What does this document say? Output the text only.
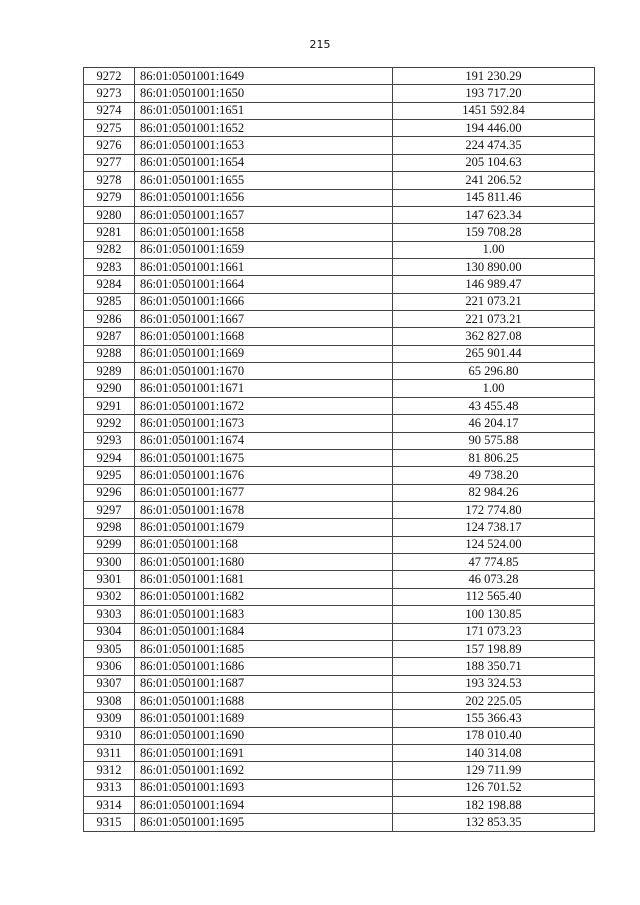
215
9272	86:01:0501001:1649	191 230.29
9273	86:01:0501001:1650	193 717.20
9274	86:01:0501001:1651	1451 592.84
9275	86:01:0501001:1652	194 446.00
9276	86:01:0501001:1653	224 474.35
9277	86:01:0501001:1654	205 104.63
9278	86:01:0501001:1655	241 206.52
9279	86:01:0501001:1656	145 811.46
9280	86:01:0501001:1657	147 623.34
9281	86:01:0501001:1658	159 708.28
9282	86:01:0501001:1659	1.00
9283	86:01:0501001:1661	130 890.00
9284	86:01:0501001:1664	146 989.47
9285	86:01:0501001:1666	221 073.21
9286	86:01:0501001:1667	221 073.21
9287	86:01:0501001:1668	362 827.08
9288	86:01:0501001:1669	265 901.44
9289	86:01:0501001:1670	65 296.80
9290	86:01:0501001:1671	1.00
9291	86:01:0501001:1672	43 455.48
9292	86:01:0501001:1673	46 204.17
9293	86:01:0501001:1674	90 575.88
9294	86:01:0501001:1675	81 806.25
9295	86:01:0501001:1676	49 738.20
9296	86:01:0501001:1677	82 984.26
9297	86:01:0501001:1678	172 774.80
9298	86:01:0501001:1679	124 738.17
9299	86:01:0501001:168	124 524.00
9300	86:01:0501001:1680	47 774.85
9301	86:01:0501001:1681	46 073.28
9302	86:01:0501001:1682	112 565.40
9303	86:01:0501001:1683	100 130.85
9304	86:01:0501001:1684	171 073.23
9305	86:01:0501001:1685	157 198.89
9306	86:01:0501001:1686	188 350.71
9307	86:01:0501001:1687	193 324.53
9308	86:01:0501001:1688	202 225.05
9309	86:01:0501001:1689	155 366.43
9310	86:01:0501001:1690	178 010.40
9311	86:01:0501001:1691	140 314.08
9312	86:01:0501001:1692	129 711.99
9313	86:01:0501001:1693	126 701.52
9314	86:01:0501001:1694	182 198.88
9315	86:01:0501001:1695	132 853.35
